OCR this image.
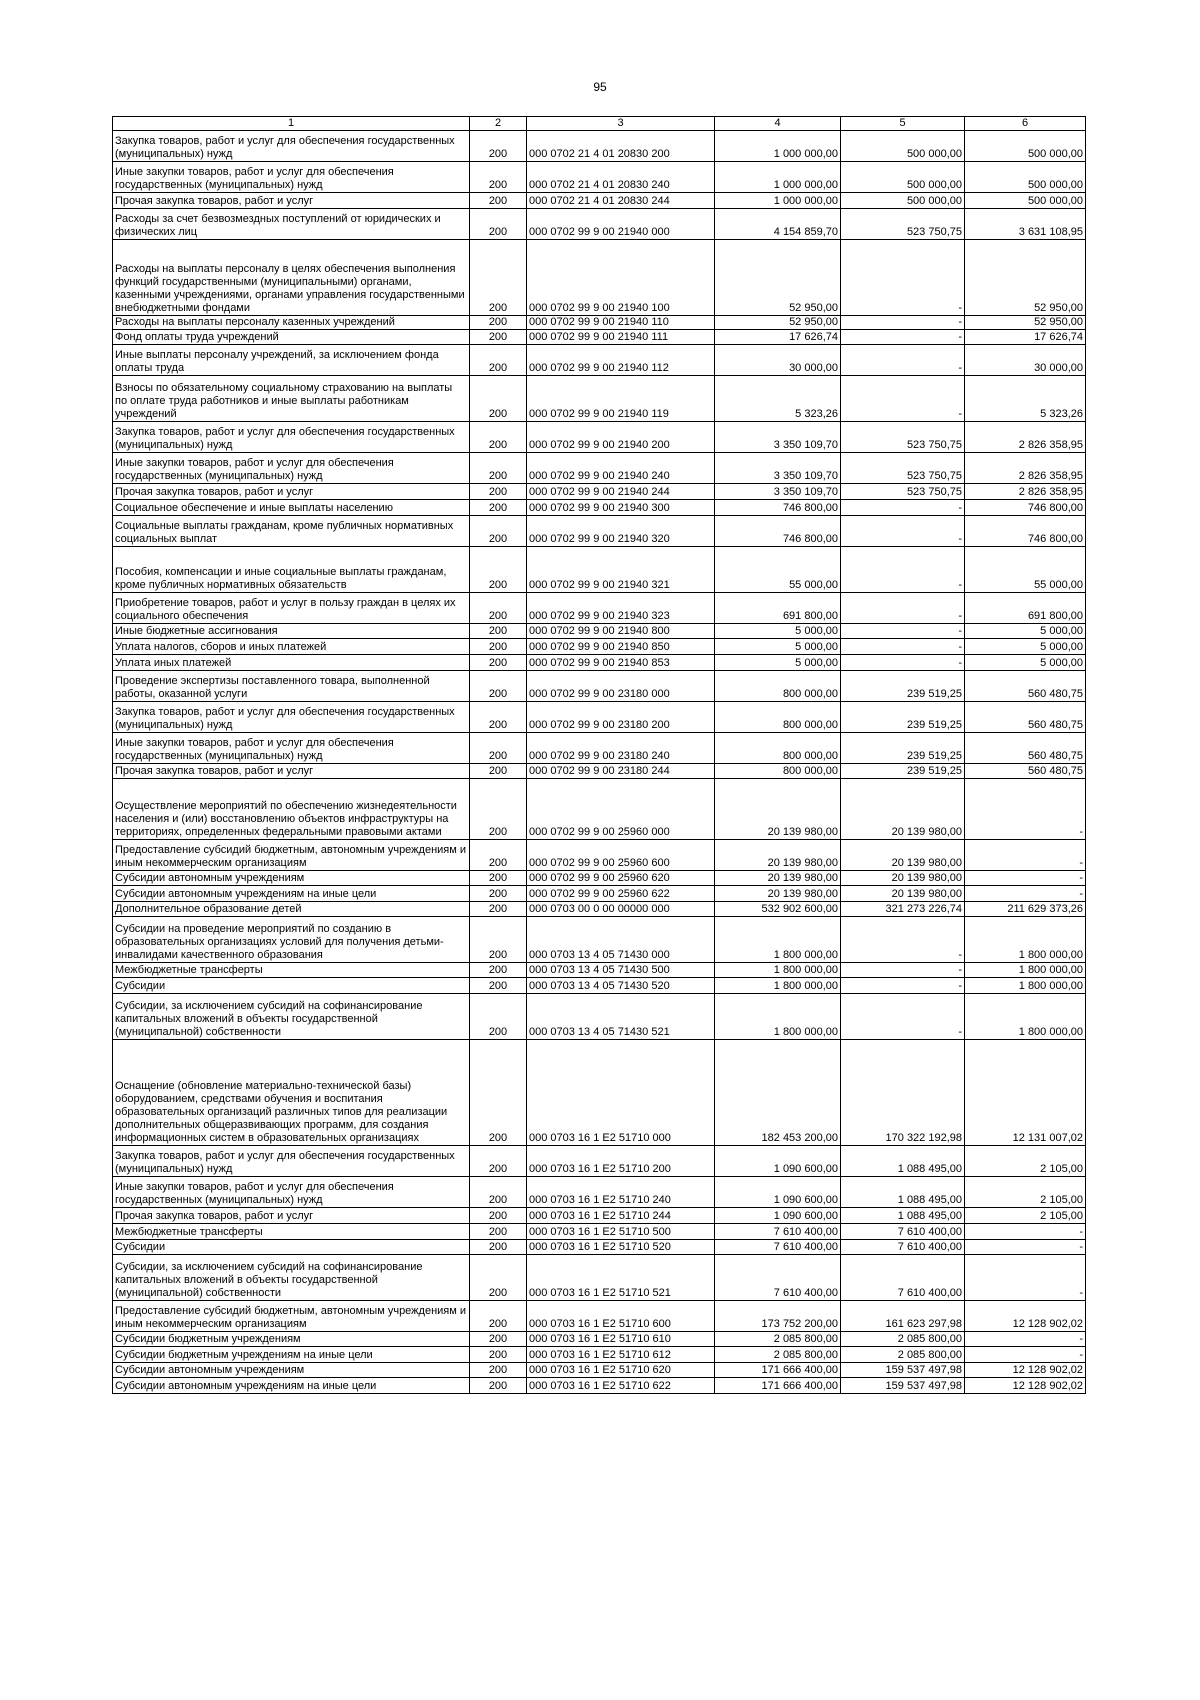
95
1	2	3	4	5	6
Закупка товаров, работ и услуг для обеспечения государственных (муниципальных) нужд	200	000 0702 21 4 01 20830 200	1 000 000,00	500 000,00	500 000,00
Иные закупки товаров, работ и услуг для обеспечения государственных (муниципальных) нужд	200	000 0702 21 4 01 20830 240	1 000 000,00	500 000,00	500 000,00
Прочая закупка товаров, работ и услуг	200	000 0702 21 4 01 20830 244	1 000 000,00	500 000,00	500 000,00
Расходы за счет безвозмездных поступлений от юридических и физических лиц	200	000 0702 99 9 00 21940 000	4 154 859,70	523 750,75	3 631 108,95
Расходы на выплаты персоналу в целях обеспечения выполнения функций государственными (муниципальными) органами, казенными учреждениями, органами управления государственными внебюджетными фондами	200	000 0702 99 9 00 21940 100	52 950,00	-	52 950,00
Расходы на выплаты персоналу казенных учреждений	200	000 0702 99 9 00 21940 110	52 950,00	-	52 950,00
Фонд оплаты труда учреждений	200	000 0702 99 9 00 21940 111	17 626,74	-	17 626,74
Иные выплаты персоналу учреждений, за исключением фонда оплаты труда	200	000 0702 99 9 00 21940 112	30 000,00	-	30 000,00
Взносы по обязательному социальному страхованию на выплаты по оплате труда работников и иные выплаты работникам учреждений	200	000 0702 99 9 00 21940 119	5 323,26	-	5 323,26
Закупка товаров, работ и услуг для обеспечения государственных (муниципальных) нужд	200	000 0702 99 9 00 21940 200	3 350 109,70	523 750,75	2 826 358,95
Иные закупки товаров, работ и услуг для обеспечения государственных (муниципальных) нужд	200	000 0702 99 9 00 21940 240	3 350 109,70	523 750,75	2 826 358,95
Прочая закупка товаров, работ и услуг	200	000 0702 99 9 00 21940 244	3 350 109,70	523 750,75	2 826 358,95
Социальное обеспечение и иные выплаты населению	200	000 0702 99 9 00 21940 300	746 800,00	-	746 800,00
Социальные выплаты гражданам, кроме публичных нормативных социальных выплат	200	000 0702 99 9 00 21940 320	746 800,00	-	746 800,00
Пособия, компенсации и иные социальные выплаты гражданам, кроме публичных нормативных обязательств	200	000 0702 99 9 00 21940 321	55 000,00	-	55 000,00
Приобретение товаров, работ и услуг в пользу граждан в целях их социального обеспечения	200	000 0702 99 9 00 21940 323	691 800,00	-	691 800,00
Иные бюджетные ассигнования	200	000 0702 99 9 00 21940 800	5 000,00	-	5 000,00
Уплата налогов, сборов и иных платежей	200	000 0702 99 9 00 21940 850	5 000,00	-	5 000,00
Уплата иных платежей	200	000 0702 99 9 00 21940 853	5 000,00	-	5 000,00
Проведение экспертизы поставленного товара, выполненной работы, оказанной услуги	200	000 0702 99 9 00 23180 000	800 000,00	239 519,25	560 480,75
Закупка товаров, работ и услуг для обеспечения государственных (муниципальных) нужд	200	000 0702 99 9 00 23180 200	800 000,00	239 519,25	560 480,75
Иные закупки товаров, работ и услуг для обеспечения государственных (муниципальных) нужд	200	000 0702 99 9 00 23180 240	800 000,00	239 519,25	560 480,75
Прочая закупка товаров, работ и услуг	200	000 0702 99 9 00 23180 244	800 000,00	239 519,25	560 480,75
Осуществление мероприятий по обеспечению жизнедеятельности населения и (или) восстановлению объектов инфраструктуры на территориях, определенных федеральными правовыми актами	200	000 0702 99 9 00 25960 000	20 139 980,00	20 139 980,00	-
Предоставление субсидий бюджетным, автономным учреждениям и иным некоммерческим организациям	200	000 0702 99 9 00 25960 600	20 139 980,00	20 139 980,00	-
Субсидии автономным учреждениям	200	000 0702 99 9 00 25960 620	20 139 980,00	20 139 980,00	-
Субсидии автономным учреждениям на иные цели	200	000 0702 99 9 00 25960 622	20 139 980,00	20 139 980,00	-
Дополнительное образование детей	200	000 0703 00 0 00 00000 000	532 902 600,00	321 273 226,74	211 629 373,26
Субсидии на проведение мероприятий по созданию в образовательных организациях условий для получения детьми-инвалидами качественного образования	200	000 0703 13 4 05 71430 000	1 800 000,00	-	1 800 000,00
Межбюджетные трансферты	200	000 0703 13 4 05 71430 500	1 800 000,00	-	1 800 000,00
Субсидии	200	000 0703 13 4 05 71430 520	1 800 000,00	-	1 800 000,00
Субсидии, за исключением субсидий на софинансирование капитальных вложений в объекты государственной (муниципальной) собственности	200	000 0703 13 4 05 71430 521	1 800 000,00	-	1 800 000,00
Оснащение (обновление материально-технической базы) оборудованием, средствами обучения и воспитания образовательных организаций различных типов для реализации дополнительных общеразвивающих программ, для создания информационных систем в образовательных организациях	200	000 0703 16 1 E2 51710 000	182 453 200,00	170 322 192,98	12 131 007,02
Закупка товаров, работ и услуг для обеспечения государственных (муниципальных) нужд	200	000 0703 16 1 E2 51710 200	1 090 600,00	1 088 495,00	2 105,00
Иные закупки товаров, работ и услуг для обеспечения государственных (муниципальных) нужд	200	000 0703 16 1 E2 51710 240	1 090 600,00	1 088 495,00	2 105,00
Прочая закупка товаров, работ и услуг	200	000 0703 16 1 E2 51710 244	1 090 600,00	1 088 495,00	2 105,00
Межбюджетные трансферты	200	000 0703 16 1 E2 51710 500	7 610 400,00	7 610 400,00	-
Субсидии	200	000 0703 16 1 E2 51710 520	7 610 400,00	7 610 400,00	-
Субсидии, за исключением субсидий на софинансирование капитальных вложений в объекты государственной (муниципальной) собственности	200	000 0703 16 1 E2 51710 521	7 610 400,00	7 610 400,00	-
Предоставление субсидий бюджетным, автономным учреждениям и иным некоммерческим организациям	200	000 0703 16 1 E2 51710 600	173 752 200,00	161 623 297,98	12 128 902,02
Субсидии бюджетным учреждениям	200	000 0703 16 1 E2 51710 610	2 085 800,00	2 085 800,00	-
Субсидии бюджетным учреждениям на иные цели	200	000 0703 16 1 E2 51710 612	2 085 800,00	2 085 800,00	-
Субсидии автономным учреждениям	200	000 0703 16 1 E2 51710 620	171 666 400,00	159 537 497,98	12 128 902,02
Субсидии автономным учреждениям на иные цели	200	000 0703 16 1 E2 51710 622	171 666 400,00	159 537 497,98	12 128 902,02
